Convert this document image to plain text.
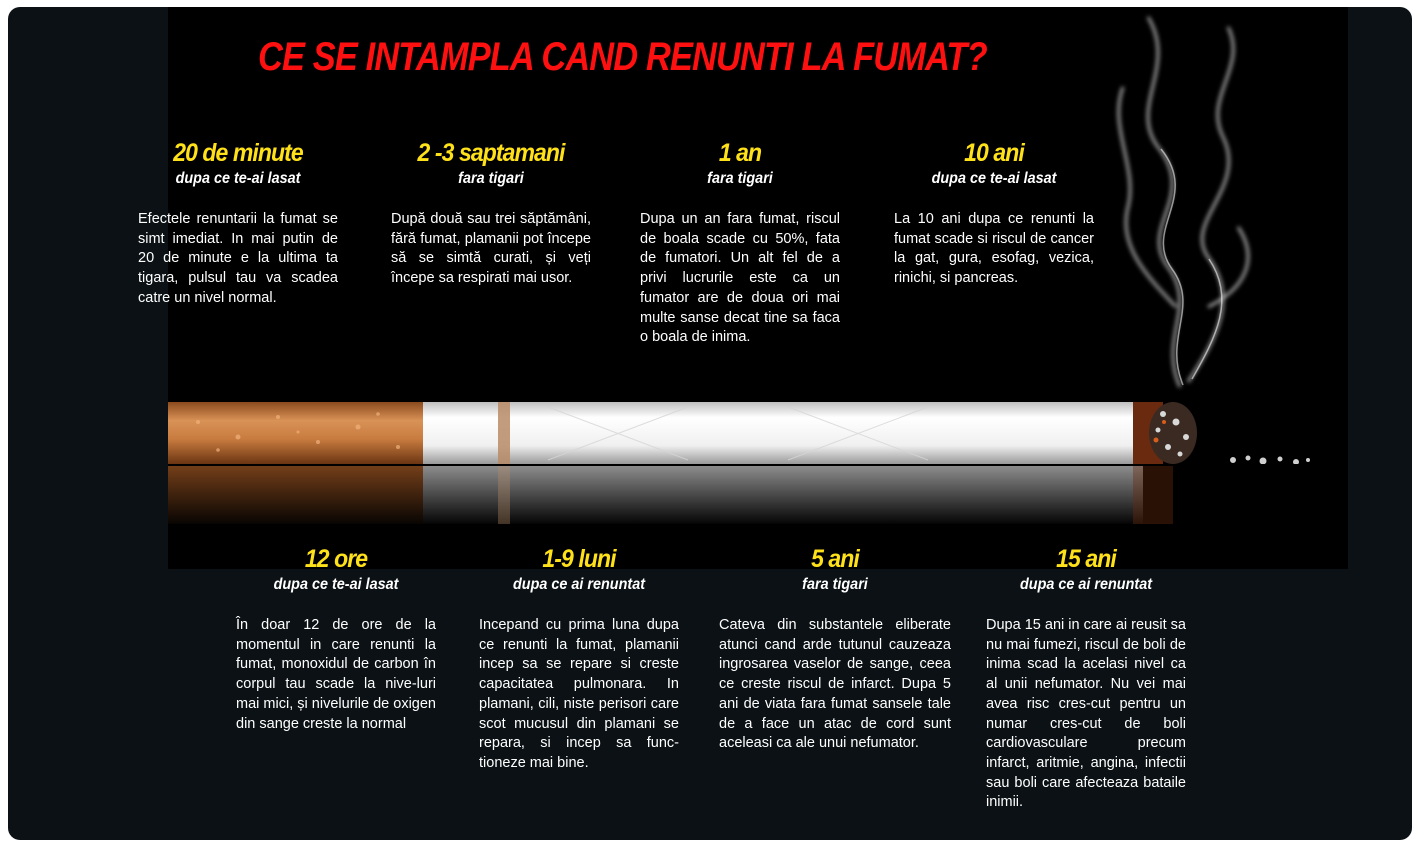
CE SE INTAMPLA CAND RENUNTI LA FUMAT?
20 de minute
dupa ce te-ai lasat
Efectele renuntarii la fumat se simt imediat. In mai putin de 20 de minute e la ultima ta tigara, pulsul tau va scadea catre un nivel normal.
2 -3 saptamani
fara tigari
După două sau trei săptămâni, fără fumat, plamanii pot începe să se simtă curati, și veți începe sa respirati mai usor.
1 an
fara tigari
Dupa un an fara fumat, riscul de boala scade cu 50%, fata de fumatori. Un alt fel de a privi lucrurile este ca un fumator are de doua ori mai multe sanse decat tine sa faca o boala de inima.
10 ani
dupa ce te-ai lasat
La 10 ani dupa ce renunti la fumat scade si riscul de cancer la gat, gura, esofag, vezica, rinichi, si pancreas.
12 ore
dupa ce te-ai lasat
În doar 12 de ore de la momentul in care renunti la fumat, monoxidul de carbon în corpul tau scade la nive-luri mai mici, și nivelurile de oxigen din sange creste la normal
1-9 luni
dupa ce ai renuntat
Incepand cu prima luna dupa ce renunti la fumat, plamanii incep sa se repare si creste capacitatea pulmonara. In plamani, cili, niste perisori care scot mucusul din plamani se repara, si incep sa func-tioneze mai bine.
5 ani
fara tigari
Cateva din substantele eliberate atunci cand arde tutunul cauzeaza ingrosarea vaselor de sange, ceea ce creste riscul de infarct. Dupa 5 ani de viata fara fumat sansele tale de a face un atac de cord sunt aceleasi ca ale unui nefumator.
15 ani
dupa ce ai renuntat
Dupa 15 ani in care ai reusit sa nu mai fumezi, riscul de boli de inima scad la acelasi nivel ca al unii nefumator. Nu vei mai avea risc cres-cut pentru un numar cres-cut de boli cardiovasculare precum infarct, aritmie, angina, infectii sau boli care afecteaza bataile inimii.
